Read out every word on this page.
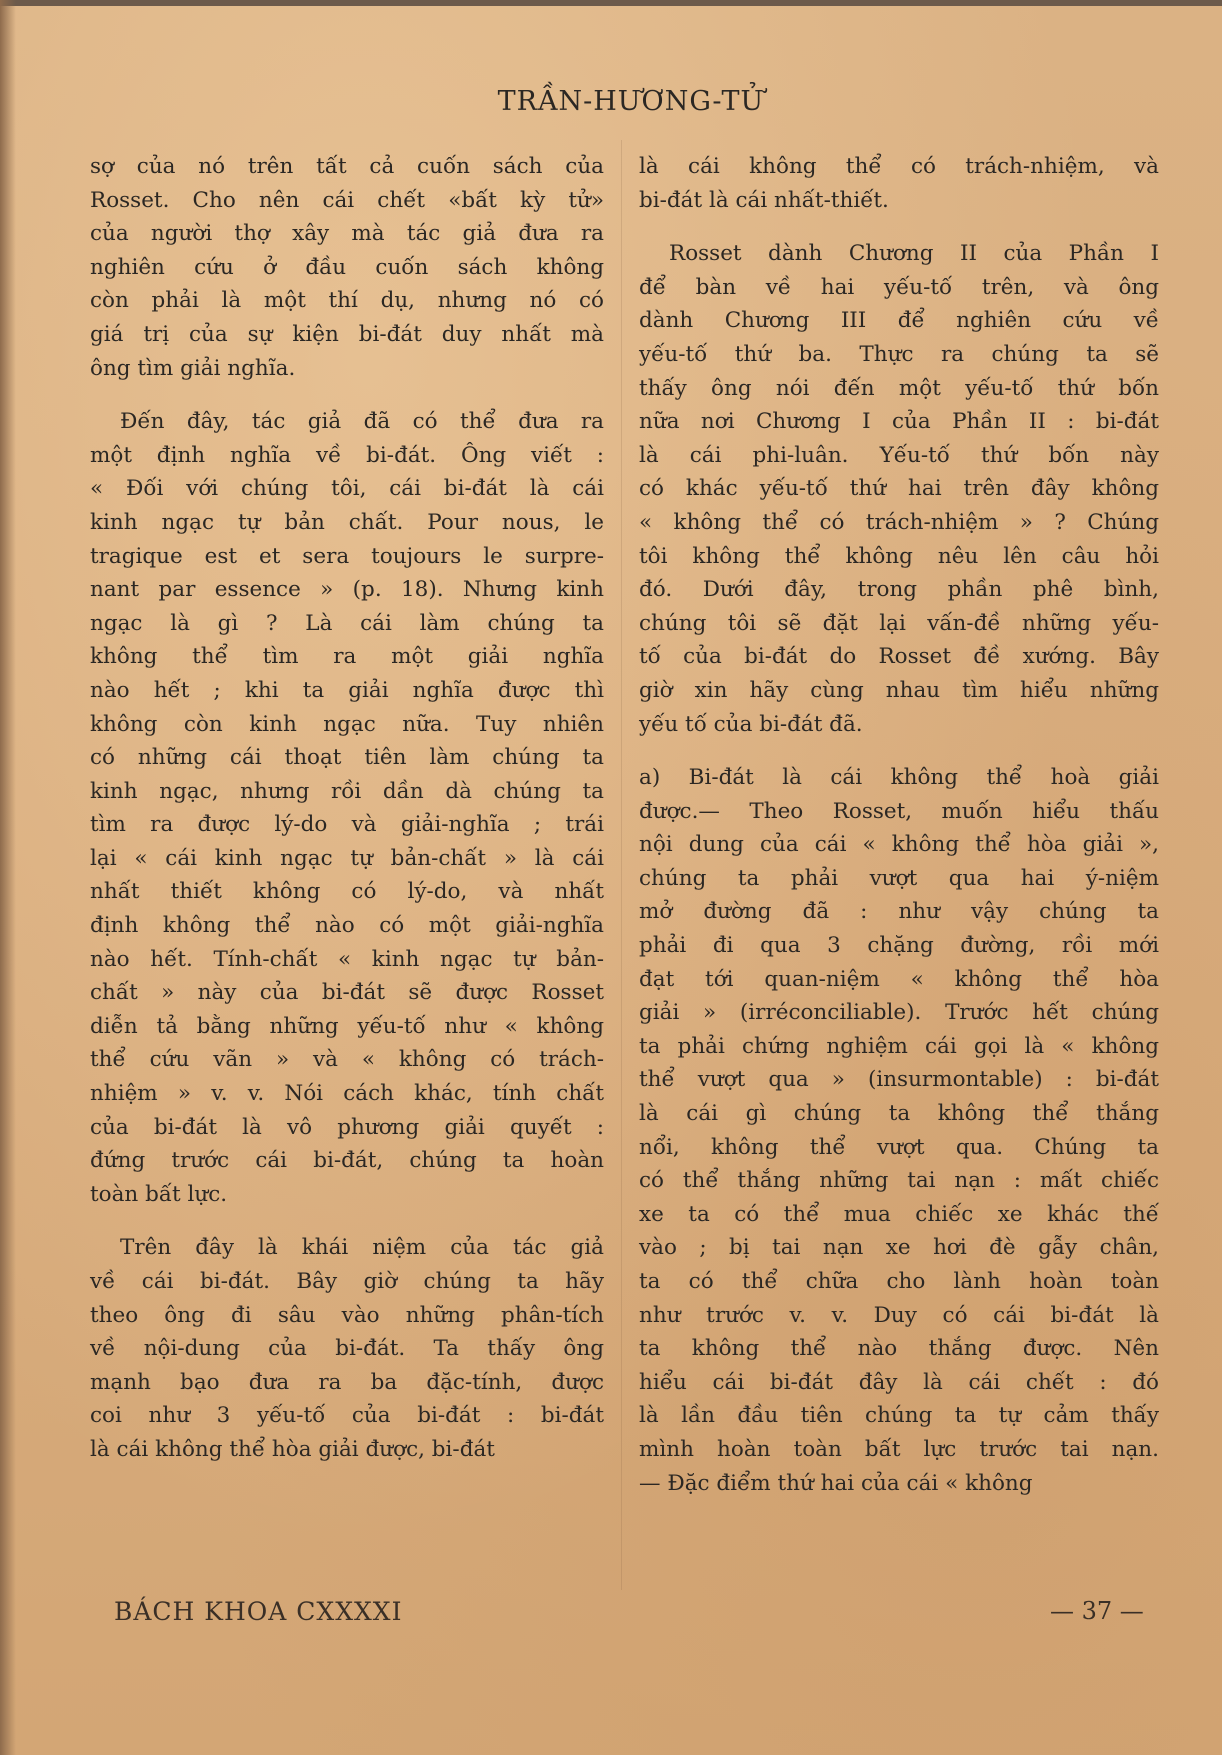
TRẦN-HƯƠNG-TỬ
sợ của nó trên tất cả cuốn sách của
Rosset. Cho nên cái chết «bất kỳ tử»
của người thợ xây mà tác giả đưa ra
nghiên cứu ở đầu cuốn sách không
còn phải là một thí dụ, nhưng nó có
giá trị của sự kiện bi-đát duy nhất mà
ông tìm giải nghĩa.
Đến đây, tác giả đã có thể đưa ra
một định nghĩa về bi-đát. Ông viết :
« Đối với chúng tôi, cái bi-đát là cái
kinh ngạc tự bản chất. Pour nous, le
tragique est et sera toujours le surpre-
nant par essence » (p. 18). Nhưng kinh
ngạc là gì ? Là cái làm chúng ta
không thể tìm ra một giải nghĩa
nào hết ; khi ta giải nghĩa được thì
không còn kinh ngạc nữa. Tuy nhiên
có những cái thoạt tiên làm chúng ta
kinh ngạc, nhưng rồi dần dà chúng ta
tìm ra được lý-do và giải-nghĩa ; trái
lại « cái kinh ngạc tự bản-chất » là cái
nhất thiết không có lý-do, và nhất
định không thể nào có một giải-nghĩa
nào hết. Tính-chất « kinh ngạc tự bản-
chất » này của bi-đát sẽ được Rosset
diễn tả bằng những yếu-tố như « không
thể cứu vãn » và « không có trách-
nhiệm » v. v. Nói cách khác, tính chất
của bi-đát là vô phương giải quyết :
đứng trước cái bi-đát, chúng ta hoàn
toàn bất lực.
Trên đây là khái niệm của tác giả
về cái bi-đát. Bây giờ chúng ta hãy
theo ông đi sâu vào những phân-tích
về nội-dung của bi-đát. Ta thấy ông
mạnh bạo đưa ra ba đặc-tính, được
coi như 3 yếu-tố của bi-đát : bi-đát
là cái không thể hòa giải được, bi-đát
là cái không thể có trách-nhiệm, và
bi-đát là cái nhất-thiết.
Rosset dành Chương II của Phần I
để bàn về hai yếu-tố trên, và ông
dành Chương III để nghiên cứu về
yếu-tố thứ ba. Thực ra chúng ta sẽ
thấy ông nói đến một yếu-tố thứ bốn
nữa nơi Chương I của Phần II : bi-đát
là cái phi-luân. Yếu-tố thứ bốn này
có khác yếu-tố thứ hai trên đây không
« không thể có trách-nhiệm » ? Chúng
tôi không thể không nêu lên câu hỏi
đó. Dưới đây, trong phần phê bình,
chúng tôi sẽ đặt lại vấn-đề những yếu-
tố của bi-đát do Rosset đề xướng. Bây
giờ xin hãy cùng nhau tìm hiểu những
yếu tố của bi-đát đã.
a) Bi-đát là cái không thể hoà giải
được.— Theo Rosset, muốn hiểu thấu
nội dung của cái « không thể hòa giải »,
chúng ta phải vượt qua hai ý-niệm
mở đường đã : như vậy chúng ta
phải đi qua 3 chặng đường, rồi mới
đạt tới quan-niệm « không thể hòa
giải » (irréconciliable). Trước hết chúng
ta phải chứng nghiệm cái gọi là « không
thể vượt qua » (insurmontable) : bi-đát
là cái gì chúng ta không thể thắng
nổi, không thể vượt qua. Chúng ta
có thể thắng những tai nạn : mất chiếc
xe ta có thể mua chiếc xe khác thế
vào ; bị tai nạn xe hơi đè gẫy chân,
ta có thể chữa cho lành hoàn toàn
như trước v. v. Duy có cái bi-đát là
ta không thể nào thắng được. Nên
hiểu cái bi-đát đây là cái chết : đó
là lần đầu tiên chúng ta tự cảm thấy
mình hoàn toàn bất lực trước tai nạn.
— Đặc điểm thứ hai của cái « không
BÁCH KHOA CXXXXI	— 37 —
